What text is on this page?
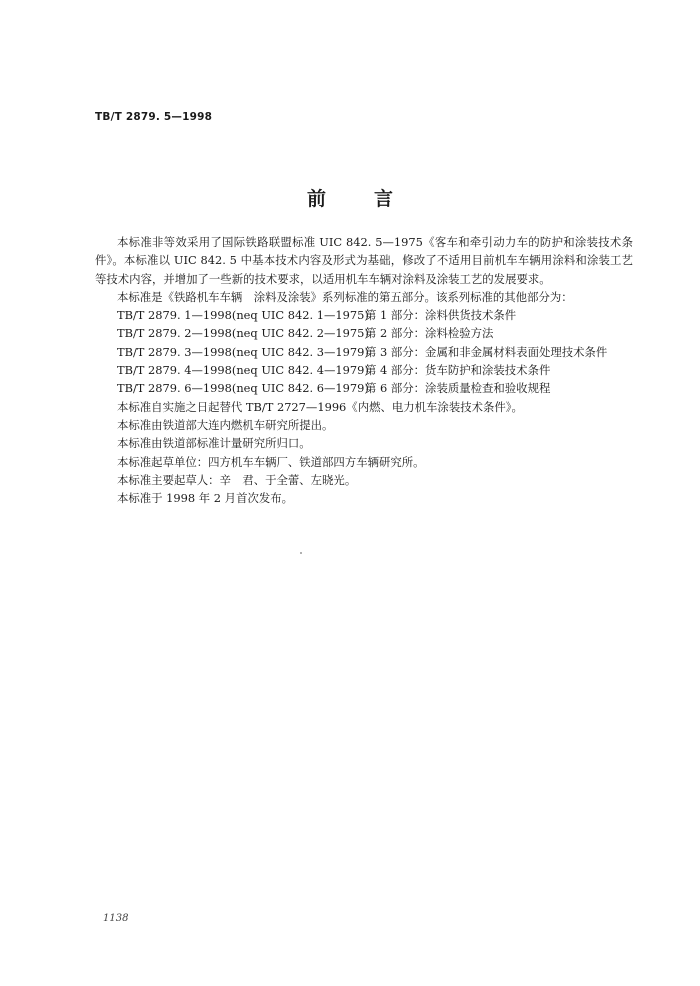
TB/T 2879. 5—1998
前言

本标准非等效采用了国际铁路联盟标准 UIC 842. 5—1975《客车和牵引动力车的防护和涂装技术条件》。本标准以 UIC 842. 5 中基本技术内容及形式为基础，修改了不适用目前机车车辆用涂料和涂装工艺等技术内容，并增加了一些新的技术要求，以适用机车车辆对涂料及涂装工艺的发展要求。

本标准是《铁路机车车辆　涂料及涂装》系列标准的第五部分。该系列标准的其他部分为：

TB/T 2879. 1—1998(neq UIC 842. 1—1975)
第 1 部分：涂料供货技术条件
TB/T 2879. 2—1998(neq UIC 842. 2—1975)
第 2 部分：涂料检验方法
TB/T 2879. 3—1998(neq UIC 842. 3—1979)
第 3 部分：金属和非金属材料表面处理技术条件
TB/T 2879. 4—1998(neq UIC 842. 4—1979)
第 4 部分：货车防护和涂装技术条件
TB/T 2879. 6—1998(neq UIC 842. 6—1979)
第 6 部分：涂装质量检查和验收规程

本标准自实施之日起替代 TB/T 2727—1996《内燃、电力机车涂装技术条件》。

本标准由铁道部大连内燃机车研究所提出。

本标准由铁道部标准计量研究所归口。

本标准起草单位：四方机车车辆厂、铁道部四方车辆研究所。

本标准主要起草人：辛　君、于全蕾、左晓光。

本标准于 1998 年 2 月首次发布。

1138
